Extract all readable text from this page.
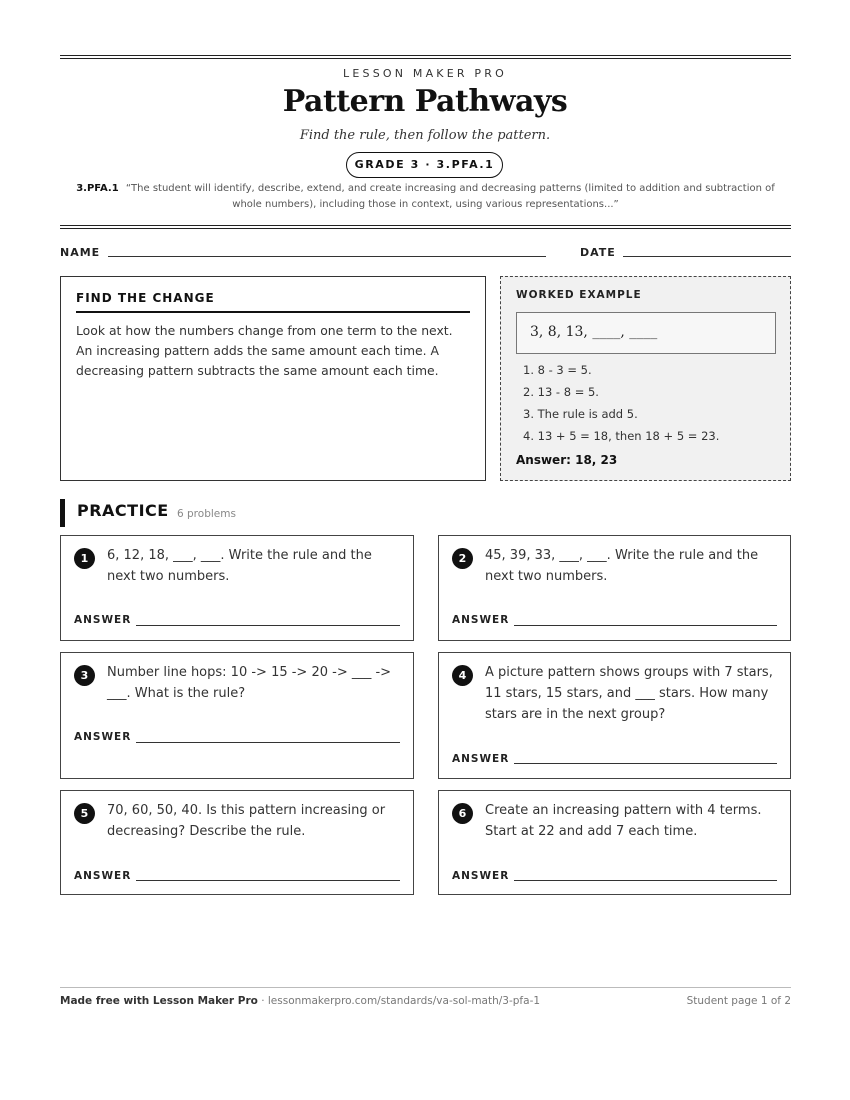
LESSON MAKER PRO
Pattern Pathways
Find the rule, then follow the pattern.
GRADE 3 · 3.PFA.1
3.PFA.1 “The student will identify, describe, extend, and create increasing and decreasing patterns (limited to addition and subtraction of whole numbers), including those in context, using various representations...”
NAME	DATE
FIND THE CHANGE
Look at how the numbers change from one term to the next. An increasing pattern adds the same amount each time. A decreasing pattern subtracts the same amount each time.
WORKED EXAMPLE
3, 8, 13, ____, ____
1. 8 - 3 = 5.
2. 13 - 8 = 5.
3. The rule is add 5.
4. 13 + 5 = 18, then 18 + 5 = 23.
Answer: 18, 23
PRACTICE 6 problems
1	6, 12, 18, ___, ___. Write the rule and the next two numbers.
ANSWER
2	45, 39, 33, ___, ___. Write the rule and the next two numbers.
ANSWER
3	Number line hops: 10 -> 15 -> 20 -> ___ -> ___. What is the rule?
ANSWER
4	A picture pattern shows groups with 7 stars, 11 stars, 15 stars, and ___ stars. How many stars are in the next group?
ANSWER
5	70, 60, 50, 40. Is this pattern increasing or decreasing? Describe the rule.
ANSWER
6	Create an increasing pattern with 4 terms. Start at 22 and add 7 each time.
ANSWER
Made free with Lesson Maker Pro · lessonmakerpro.com/standards/va-sol-math/3-pfa-1	Student page 1 of 2
